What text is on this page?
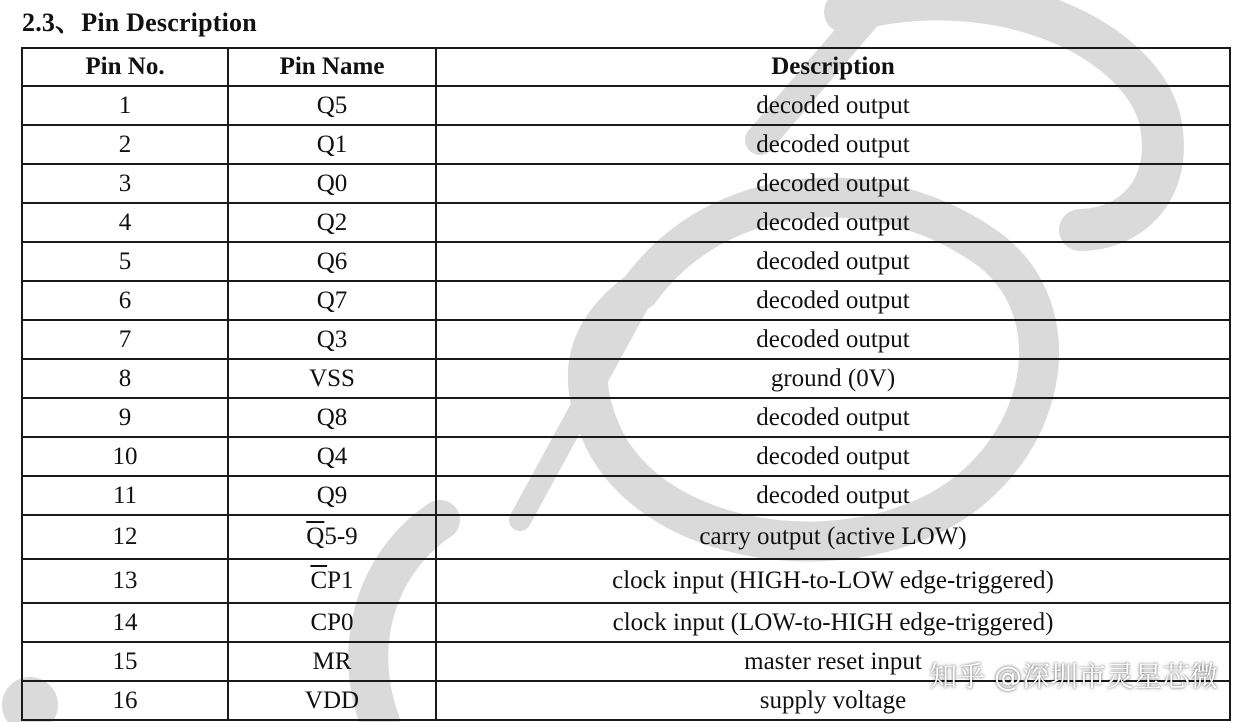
2.3、Pin Description
Pin No.	Pin Name	Description
1	Q5	decoded output
2	Q1	decoded output
3	Q0	decoded output
4	Q2	decoded output
5	Q6	decoded output
6	Q7	decoded output
7	Q3	decoded output
8	VSS	ground (0V)
9	Q8	decoded output
10	Q4	decoded output
11	Q9	decoded output
12	$\overline{Q}5-9$	carry output (active LOW)
13	$\overline{C}P1$	clock input (HIGH-to-LOW edge-triggered)
14	CP0	clock input (LOW-to-HIGH edge-triggered)
15	MR	master reset input
16	VDD	supply voltage
知乎 @深圳市灵星芯微
